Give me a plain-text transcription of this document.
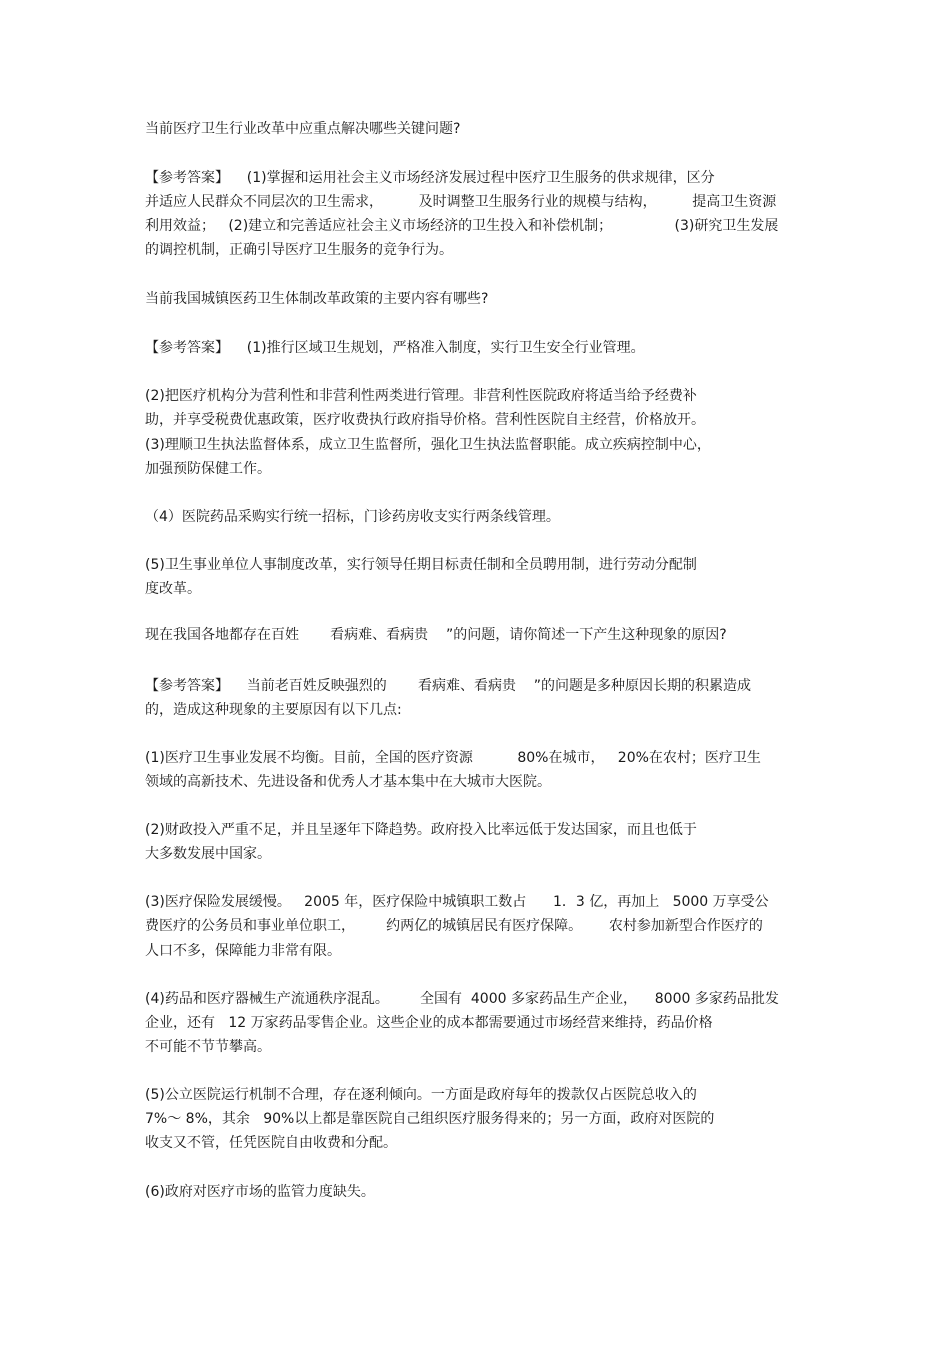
当前医疗卫生行业改革中应重点解决哪些关键问题?
【参考答案】    (1)掌握和运用社会主义市场经济发展过程中医疗卫生服务的供求规律，区分
并适应人民群众不同层次的卫生需求，        及时调整卫生服务行业的规模与结构，        提高卫生资源
利用效益；   (2)建立和完善适应社会主义市场经济的卫生投入和补偿机制；              (3)研究卫生发展
的调控机制，正确引导医疗卫生服务的竞争行为。
当前我国城镇医药卫生体制改革政策的主要内容有哪些?
【参考答案】    (1)推行区域卫生规划，严格准入制度，实行卫生安全行业管理。
(2)把医疗机构分为营利性和非营利性两类进行管理。非营利性医院政府将适当给予经费补
助，并享受税费优惠政策，医疗收费执行政府指导价格。营利性医院自主经营，价格放开。
(3)理顺卫生执法监督体系，成立卫生监督所，强化卫生执法监督职能。成立疾病控制中心，
加强预防保健工作。
（4）医院药品采购实行统一招标，门诊药房收支实行两条线管理。
(5)卫生事业单位人事制度改革，实行领导任期目标责任制和全员聘用制，进行劳动分配制
度改革。
现在我国各地都存在百姓       看病难、看病贵    ”的问题，请你简述一下产生这种现象的原因?
【参考答案】    当前老百姓反映强烈的       看病难、看病贵    ”的问题是多种原因长期的积累造成
的，造成这种现象的主要原因有以下几点:
(1)医疗卫生事业发展不均衡。目前，全国的医疗资源          80%在城市，   20%在农村；医疗卫生
领域的高新技术、先进设备和优秀人才基本集中在大城市大医院。
(2)财政投入严重不足，并且呈逐年下降趋势。政府投入比率远低于发达国家，而且也低于
大多数发展中国家。
(3)医疗保险发展缓慢。   2005 年，医疗保险中城镇职工数占      1．3 亿，再加上   5000 万享受公
费医疗的公务员和事业单位职工，       约两亿的城镇居民有医疗保障。      农村参加新型合作医疗的
人口不多，保障能力非常有限。
(4)药品和医疗器械生产流通秩序混乱。       全国有  4000 多家药品生产企业，    8000 多家药品批发
企业，还有   12 万家药品零售企业。这些企业的成本都需要通过市场经营来维持，药品价格
不可能不节节攀高。
(5)公立医院运行机制不合理，存在逐利倾向。一方面是政府每年的拨款仅占医院总收入的
7%～ 8%，其余   90%以上都是靠医院自己组织医疗服务得来的；另一方面，政府对医院的
收支又不管，任凭医院自由收费和分配。
(6)政府对医疗市场的监管力度缺失。
